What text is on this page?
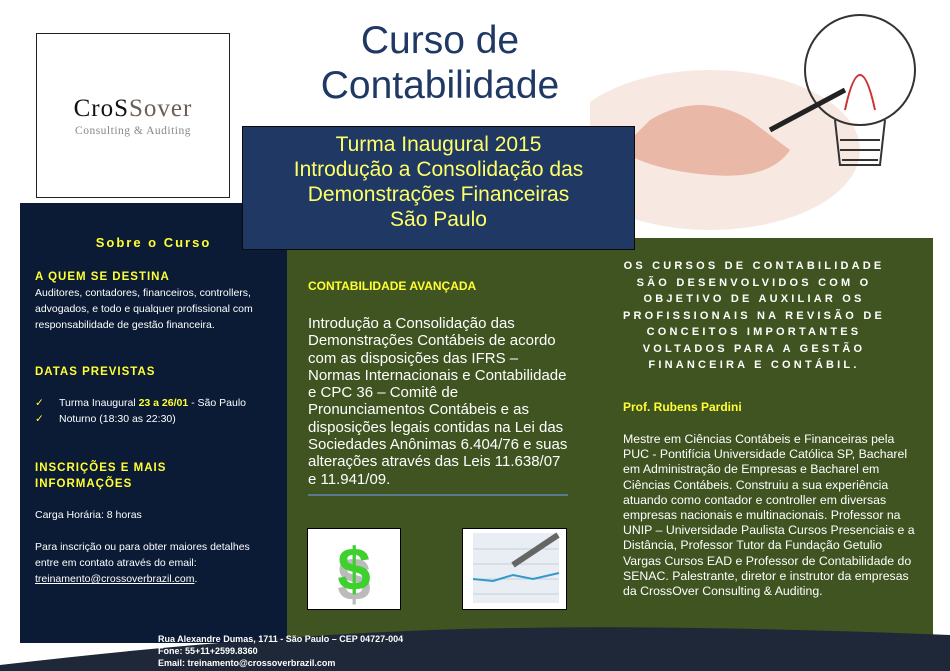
CroSSover
Consulting & Auditing
Curso de Contabilidade
Sobre o Curso
A QUEM SE DESTINA
Auditores, contadores, financeiros, controllers, advogados, e todo e qualquer profissional com responsabilidade de gestão financeira.
DATAS PREVISTAS
✓	Turma Inaugural 23 a 26/01 - São Paulo
✓	Noturno (18:30 as 22:30)
INSCRIÇÕES E MAIS INFORMAÇÕES
Carga Horária: 8 horas
Para inscrição ou para obter maiores detalhes entre em contato através do email: treinamento@crossoverbrazil.com.
CONTABILIDADE AVANÇADA
Introdução a Consolidação das Demonstrações Contábeis de acordo com as disposições das IFRS – Normas Internacionais e Contabilidade e CPC 36 – Comitê de Pronunciamentos Contábeis e as disposições legais contidas na Lei das Sociedades Anônimas 6.404/76 e suas alterações através das Leis 11.638/07 e 11.941/09.
$
OS CURSOS DE CONTABILIDADE SÃO DESENVOLVIDOS COM O OBJETIVO DE AUXILIAR OS PROFISSIONAIS NA REVISÃO DE CONCEITOS IMPORTANTES VOLTADOS PARA A GESTÃO FINANCEIRA E CONTÁBIL.
Prof. Rubens Pardini
Mestre em Ciências Contábeis e Financeiras pela PUC - Pontifícia Universidade Católica SP, Bacharel em Administração de Empresas e Bacharel em Ciências Contábeis. Construiu a sua experiência atuando como contador e controller em diversas empresas nacionais e multinacionais. Professor na UNIP – Universidade Paulista Cursos Presenciais e a Distância, Professor Tutor da Fundação Getulio Vargas Cursos EAD e Professor de Contabilidade do SENAC. Palestrante, diretor e instrutor da empresas da CrossOver Consulting & Auditing.
Turma Inaugural 2015
Introdução a Consolidação das
Demonstrações Financeiras
São Paulo
Rua Alexandre Dumas, 1711 - São Paulo – CEP 04727-004
Fone: 55+11+2599.8360
Email: treinamento@crossoverbrazil.com
